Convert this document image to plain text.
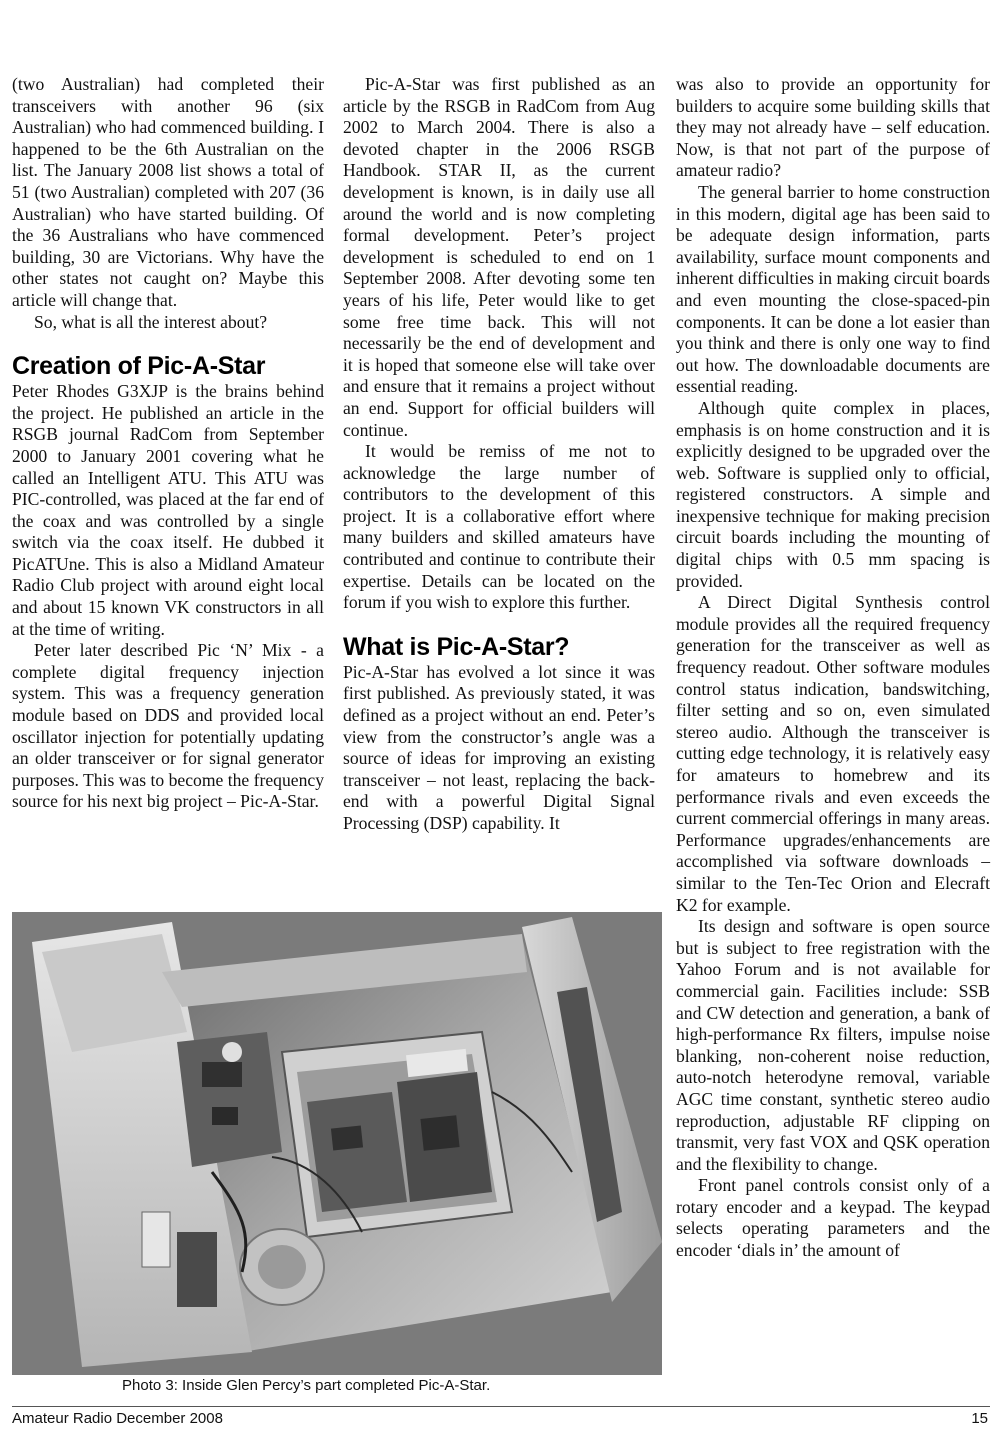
(two Australian) had completed their transceivers with another 96 (six Australian) who had commenced building. I happened to be the 6th Australian on the list. The January 2008 list shows a total of 51 (two Australian) completed with 207 (36 Australian) who have started building. Of the 36 Australians who have commenced building, 30 are Victorians. Why have the other states not caught on? Maybe this article will change that.

So, what is all the interest about?

Creation of Pic-A-Star

Peter Rhodes G3XJP is the brains behind the project. He published an article in the RSGB journal RadCom from September 2000 to January 2001 covering what he called an Intelligent ATU. This ATU was PIC-controlled, was placed at the far end of the coax and was controlled by a single switch via the coax itself. He dubbed it PicATUne. This is also a Midland Amateur Radio Club project with around eight local and about 15 known VK constructors in all at the time of writing.

Peter later described Pic ‘N’ Mix - a complete digital frequency injection system. This was a frequency generation module based on DDS and provided local oscillator injection for potentially updating an older transceiver or for signal generator purposes. This was to become the frequency source for his next big project – Pic-A-Star.

Pic-A-Star was first published as an article by the RSGB in RadCom from Aug 2002 to March 2004. There is also a devoted chapter in the 2006 RSGB Handbook. STAR II, as the current development is known, is in daily use all around the world and is now completing formal development. Peter’s project development is scheduled to end on 1 September 2008. After devoting some ten years of his life, Peter would like to get some free time back. This will not necessarily be the end of development and it is hoped that someone else will take over and ensure that it remains a project without an end. Support for official builders will continue.

It would be remiss of me not to acknowledge the large number of contributors to the development of this project. It is a collaborative effort where many builders and skilled amateurs have contributed and continue to contribute their expertise. Details can be located on the forum if you wish to explore this further.

What is Pic-A-Star?

Pic-A-Star has evolved a lot since it was first published. As previously stated, it was defined as a project without an end. Peter’s view from the constructor’s angle was a source of ideas for improving an existing transceiver – not least, replacing the back-end with a powerful Digital Signal Processing (DSP) capability. It

was also to provide an opportunity for builders to acquire some building skills that they may not already have – self education. Now, is that not part of the purpose of amateur radio?

The general barrier to home construction in this modern, digital age has been said to be adequate design information, parts availability, surface mount components and inherent difficulties in making circuit boards and even mounting the close-spaced-pin components. It can be done a lot easier than you think and there is only one way to find out how. The downloadable documents are essential reading.

Although quite complex in places, emphasis is on home construction and it is explicitly designed to be upgraded over the web. Software is supplied only to official, registered constructors. A simple and inexpensive technique for making precision circuit boards including the mounting of digital chips with 0.5 mm spacing is provided.

A Direct Digital Synthesis control module provides all the required frequency generation for the transceiver as well as frequency readout. Other software modules control status indication, bandswitching, filter setting and so on, even simulated stereo audio. Although the transceiver is cutting edge technology, it is relatively easy for amateurs to homebrew and its performance rivals and even exceeds the current commercial offerings in many areas. Performance upgrades/enhancements are accomplished via software downloads – similar to the Ten-Tec Orion and Elecraft K2 for example.

Its design and software is open source but is subject to free registration with the Yahoo Forum and is not available for commercial gain. Facilities include: SSB and CW detection and generation, a bank of high-performance Rx filters, impulse noise blanking, non-coherent noise reduction, auto-notch heterodyne removal, variable AGC time constant, synthetic stereo audio reproduction, adjustable RF clipping on transmit, very fast VOX and QSK operation and the flexibility to change.

Front panel controls consist only of a rotary encoder and a keypad. The keypad selects operating parameters and the encoder ‘dials in’ the amount of

Photo 3: Inside Glen Percy’s part completed Pic-A-Star.
Amateur Radio December 2008	15
